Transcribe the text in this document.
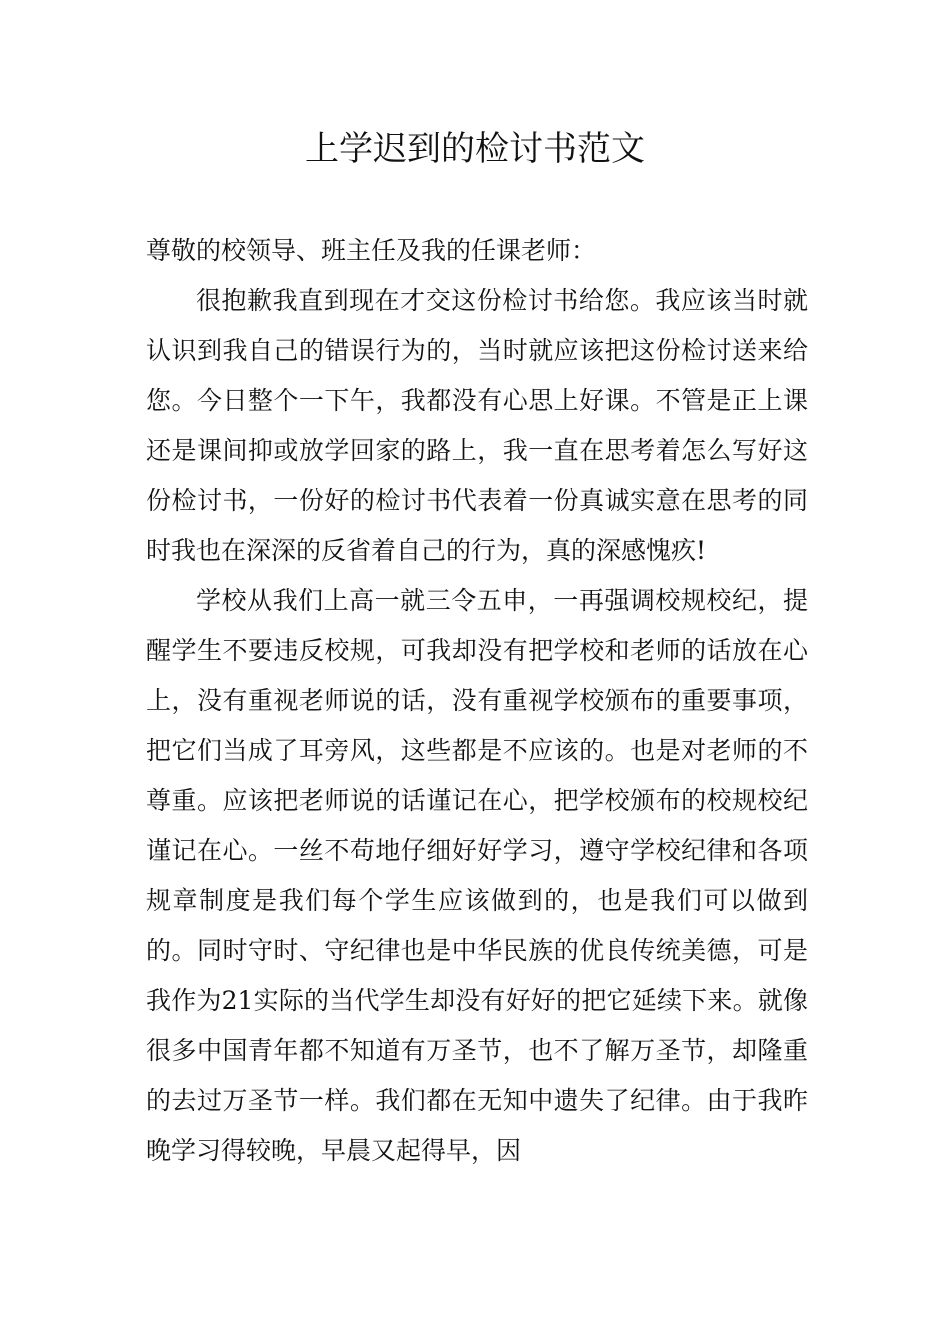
上学迟到的检讨书范文

尊敬的校领导、班主任及我的任课老师：

很抱歉我直到现在才交这份检讨书给您。我应该当时就认识到我自己的错误行为的，当时就应该把这份检讨送来给您。今日整个一下午，我都没有心思上好课。不管是正上课还是课间抑或放学回家的路上，我一直在思考着怎么写好这份检讨书，一份好的检讨书代表着一份真诚实意在思考的同时我也在深深的反省着自己的行为，真的深感愧疚!

学校从我们上高一就三令五申，一再强调校规校纪，提醒学生不要违反校规，可我却没有把学校和老师的话放在心上，没有重视老师说的话，没有重视学校颁布的重要事项，把它们当成了耳旁风，这些都是不应该的。也是对老师的不尊重。应该把老师说的话谨记在心，把学校颁布的校规校纪谨记在心。一丝不苟地仔细好好学习，遵守学校纪律和各项规章制度是我们每个学生应该做到的，也是我们可以做到的。同时守时、守纪律也是中华民族的优良传统美德，可是我作为21实际的当代学生却没有好好的把它延续下来。就像很多中国青年都不知道有万圣节，也不了解万圣节，却隆重的去过万圣节一样。我们都在无知中遗失了纪律。由于我昨晚学习得较晚，早晨又起得早，因
